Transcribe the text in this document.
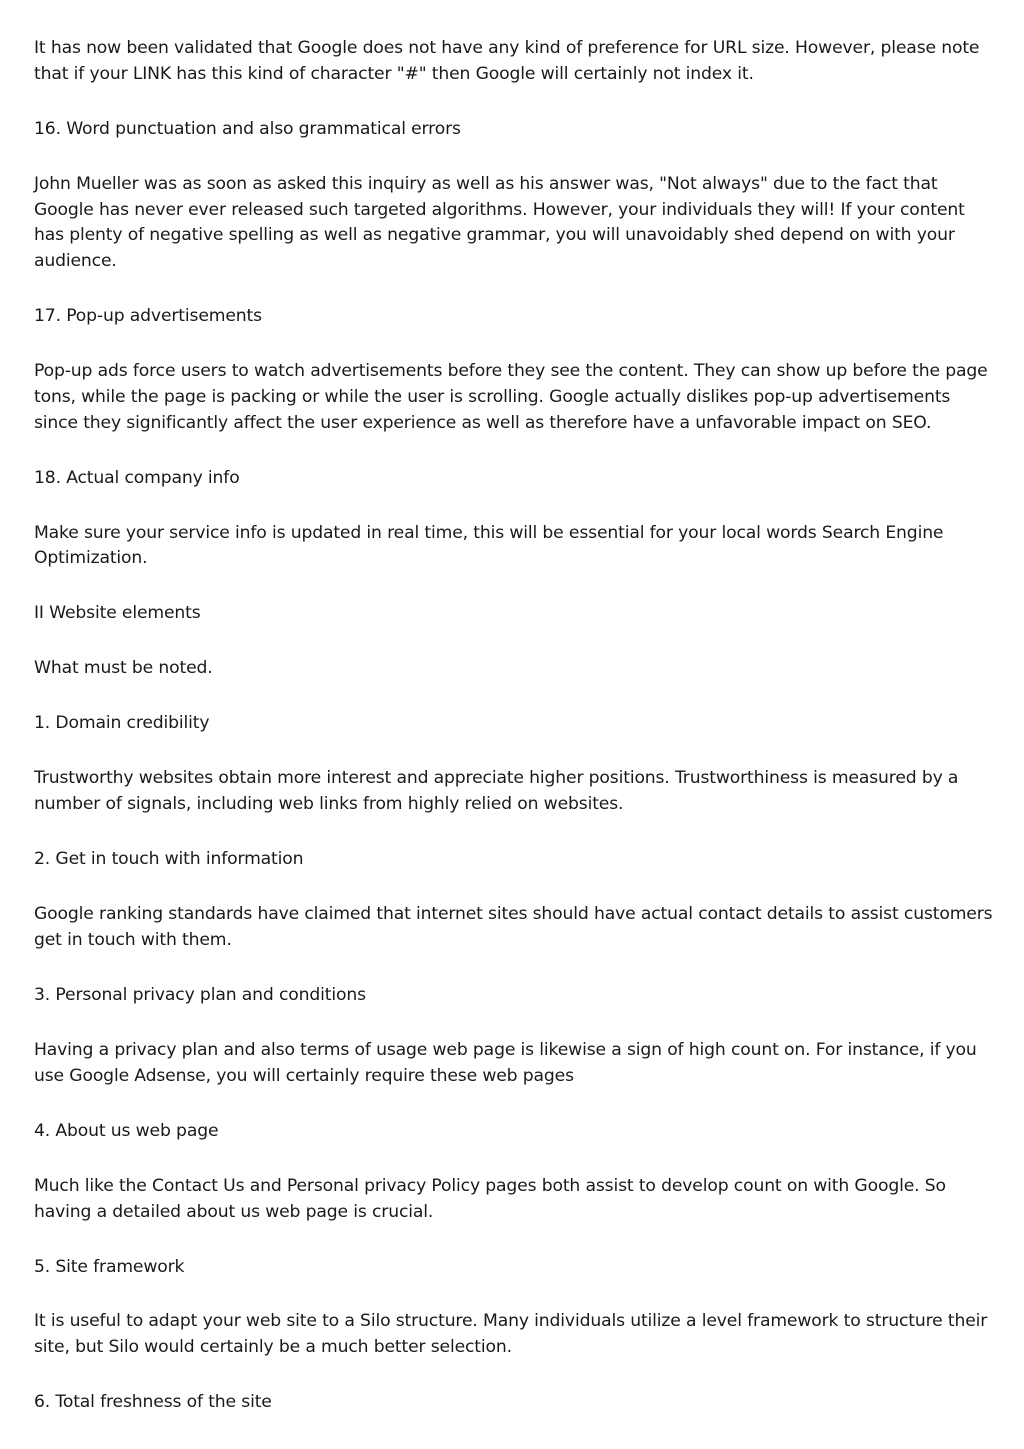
It has now been validated that Google does not have any kind of preference for URL size. However, please note that if your LINK has this kind of character "#" then Google will certainly not index it.

16. Word punctuation and also grammatical errors

John Mueller was as soon as asked this inquiry as well as his answer was, "Not always" due to the fact that Google has never ever released such targeted algorithms. However, your individuals they will! If your content has plenty of negative spelling as well as negative grammar, you will unavoidably shed depend on with your audience.

17. Pop-up advertisements

Pop-up ads force users to watch advertisements before they see the content. They can show up before the page tons, while the page is packing or while the user is scrolling. Google actually dislikes pop-up advertisements since they significantly affect the user experience as well as therefore have a unfavorable impact on SEO.

18. Actual company info

Make sure your service info is updated in real time, this will be essential for your local words Search Engine Optimization.

II Website elements

What must be noted.

1. Domain credibility

Trustworthy websites obtain more interest and appreciate higher positions. Trustworthiness is measured by a number of signals, including web links from highly relied on websites.

2. Get in touch with information

Google ranking standards have claimed that internet sites should have actual contact details to assist customers get in touch with them.

3. Personal privacy plan and conditions

Having a privacy plan and also terms of usage web page is likewise a sign of high count on. For instance, if you use Google Adsense, you will certainly require these web pages

4. About us web page

Much like the Contact Us and Personal privacy Policy pages both assist to develop count on with Google. So having a detailed about us web page is crucial.

5. Site framework

It is useful to adapt your web site to a Silo structure. Many individuals utilize a level framework to structure their site, but Silo would certainly be a much better selection.

6. Total freshness of the site
